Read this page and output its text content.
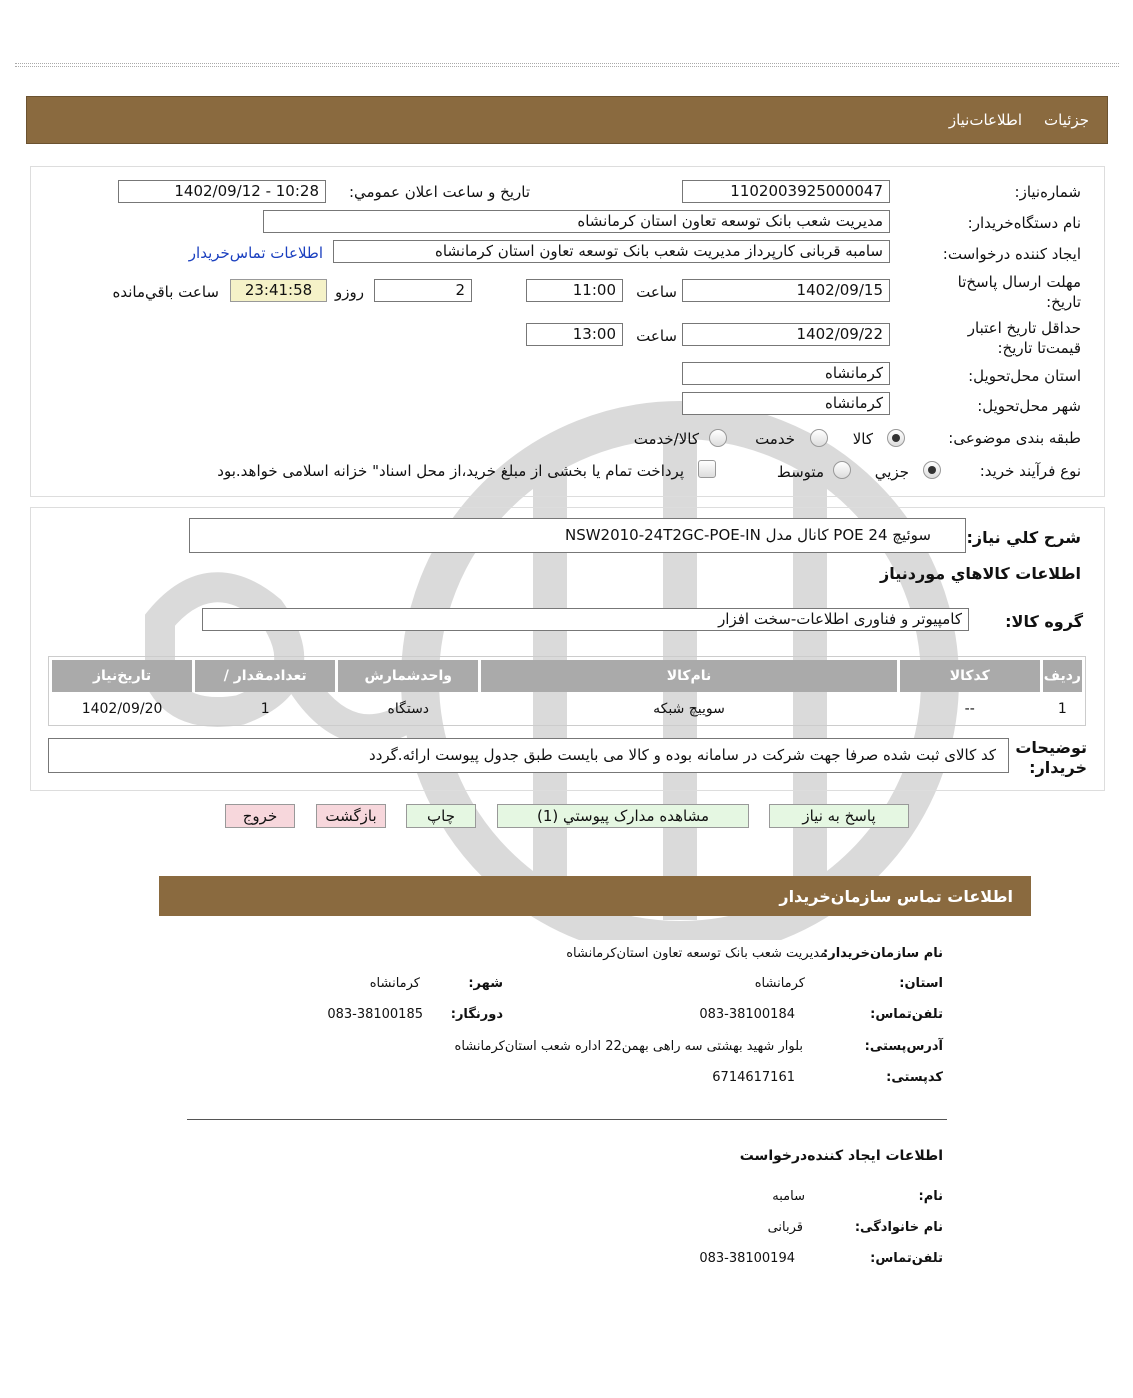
جزئيات
اطلاعات‌نیاز
شماره‌نیاز:
1102003925000047
تاريخ و ساعت اعلان عمومي:
1402/09/12 - 10:28
نام دستگاه‌خریدار:
مدیریت شعب بانک توسعه تعاون استان کرمانشاه
ایجاد کننده درخواست:
سامبه قربانی کارپرداز مدیریت شعب بانک توسعه تعاون استان کرمانشاه
اطلاعات تماس‌خریدار
مهلت ارسال پاسخ‌تا تاریخ:
1402/09/15
ساعت
11:00
2
روزو
23:41:58
ساعت باقي‌مانده
حداقل تاریخ اعتبار قیمت‌تا تاریخ:
1402/09/22
ساعت
13:00
استان محل‌تحویل:
کرمانشاه
شهر محل‌تحویل:
کرمانشاه
طبقه بندی موضوعی:
کالا
خدمت
کالا/خدمت
نوع فرآیند خرید:
جزيي
متوسط
پرداخت تمام یا بخشی از مبلغ خرید،از محل اسناد" خزانه اسلامی خواهد.بود
شرح کلي نیاز:
سوئیچ 24 POE کانال مدل NSW2010-24T2GC-POE-IN
اطلاعات کالاهاي موردنياز
گروه کالا:
کامپیوتر و فناوری اطلاعات-سخت افزار
رديف	کدکالا	نام‌کالا	واحدشمارش	تعدادمقدار /	تاريخ‌نیاز
1	--	سوییچ شبکه	دستگاه	1	1402/09/20
توضیحات خریدار:
کد کالای ثبت شده صرفا جهت شرکت در سامانه بوده و کالا می بایست طبق جدول پیوست ارائه.گردد
پاسخ به نياز
مشاهده مدارک پيوستي (1)
چاپ
بازگشت
خروج
اطلاعات تماس سازمان‌خریدار
نام سازمان‌خریدار:
مدیریت شعب بانک توسعه تعاون استان‌کرمانشاه
استان:
کرمانشاه
شهر:
کرمانشاه
تلفن‌تماس:
083-38100184
دورنگار:
083-38100185
آدرس‌پستی:
بلوار شهید بهشتی سه راهی بهمن22 اداره شعب استان‌کرمانشاه
کدپستی:
6714617161
اطلاعات ایجاد کننده‌درخواست
نام:
سامبه
نام خانوادگی:
قربانی
تلفن‌تماس:
083-38100194
